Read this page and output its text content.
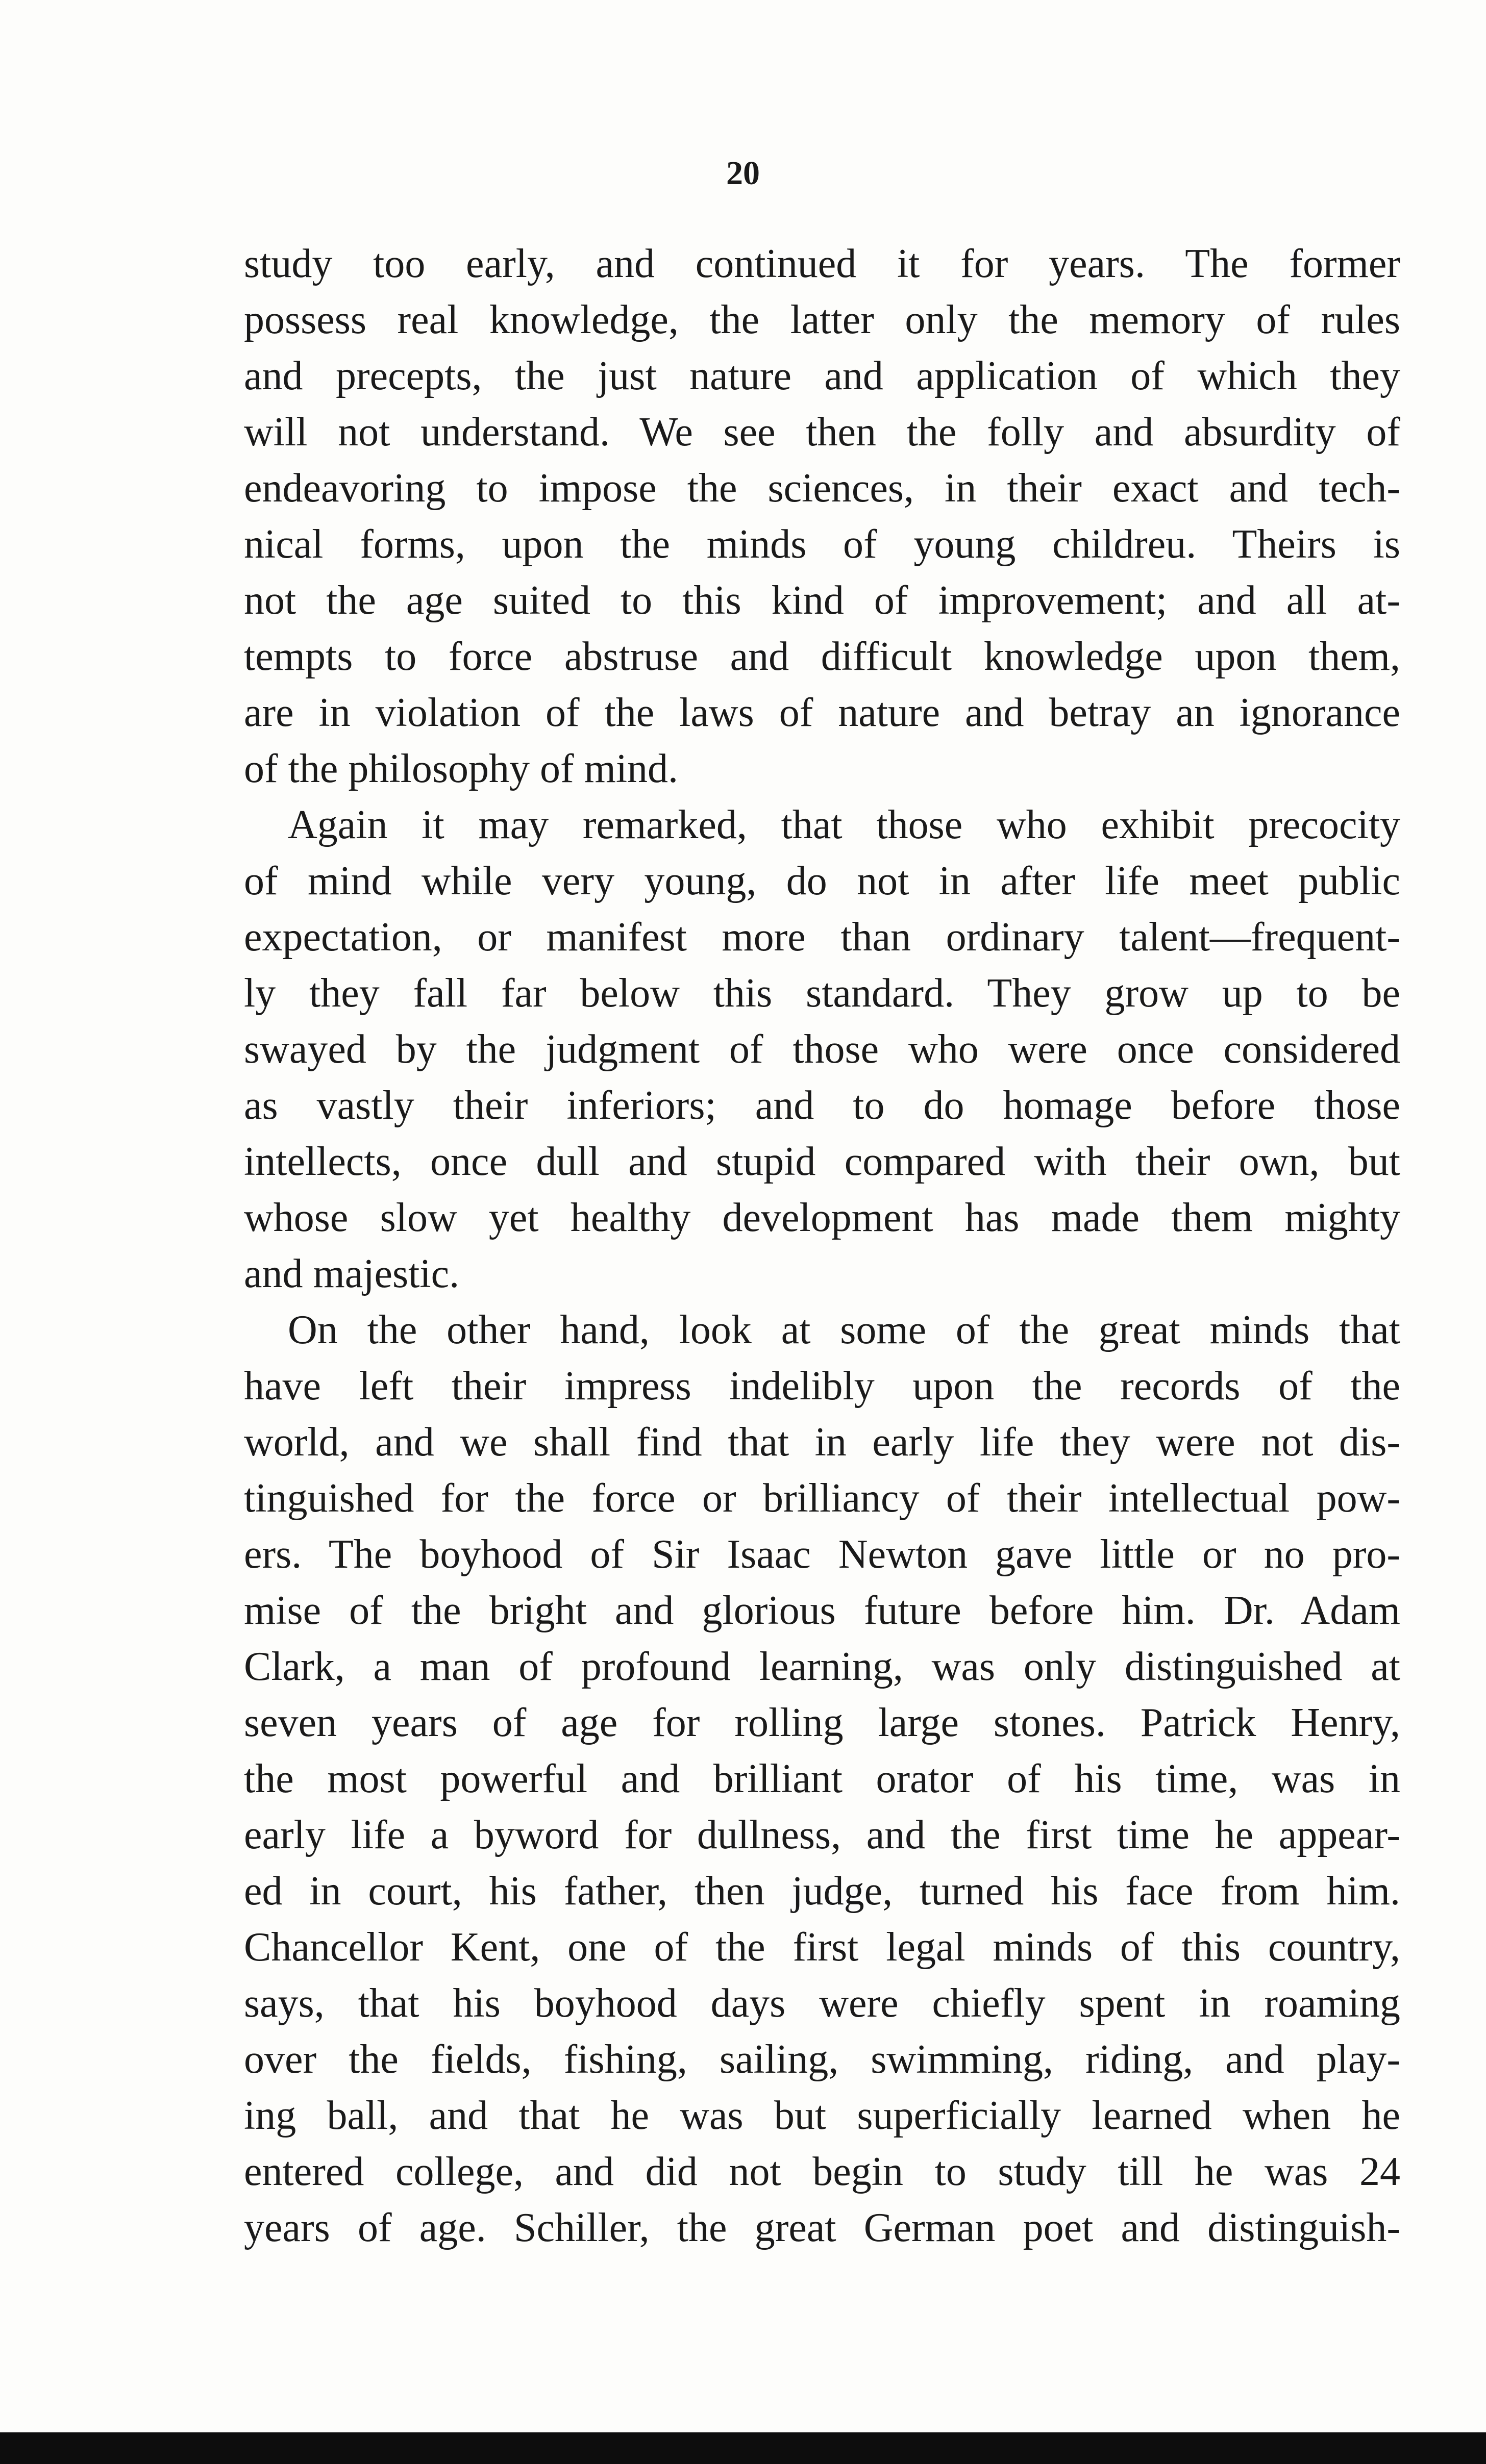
20
study too early, and continued it for years. The former
possess real knowledge, the latter only the memory of rules
and precepts, the just nature and application of which they
will not understand. We see then the folly and absurdity of
endeavoring to impose the sciences, in their exact and tech-
nical forms, upon the minds of young childreu. Theirs is
not the age suited to this kind of improvement; and all at-
tempts to force abstruse and difficult knowledge upon them,
are in violation of the laws of nature and betray an ignorance
of the philosophy of mind.
Again it may remarked, that those who exhibit precocity
of mind while very young, do not in after life meet public
expectation, or manifest more than ordinary talent—frequent-
ly they fall far below this standard. They grow up to be
swayed by the judgment of those who were once considered
as vastly their inferiors; and to do homage before those
intellects, once dull and stupid compared with their own, but
whose slow yet healthy development has made them mighty
and majestic.
On the other hand, look at some of the great minds that
have left their impress indelibly upon the records of the
world, and we shall find that in early life they were not dis-
tinguished for the force or brilliancy of their intellectual pow-
ers. The boyhood of Sir Isaac Newton gave little or no pro-
mise of the bright and glorious future before him. Dr. Adam
Clark, a man of profound learning, was only distinguished at
seven years of age for rolling large stones. Patrick Henry,
the most powerful and brilliant orator of his time, was in
early life a byword for dullness, and the first time he appear-
ed in court, his father, then judge, turned his face from him.
Chancellor Kent, one of the first legal minds of this country,
says, that his boyhood days were chiefly spent in roaming
over the fields, fishing, sailing, swimming, riding, and play-
ing ball, and that he was but superficially learned when he
entered college, and did not begin to study till he was 24
years of age. Schiller, the great German poet and distinguish-
